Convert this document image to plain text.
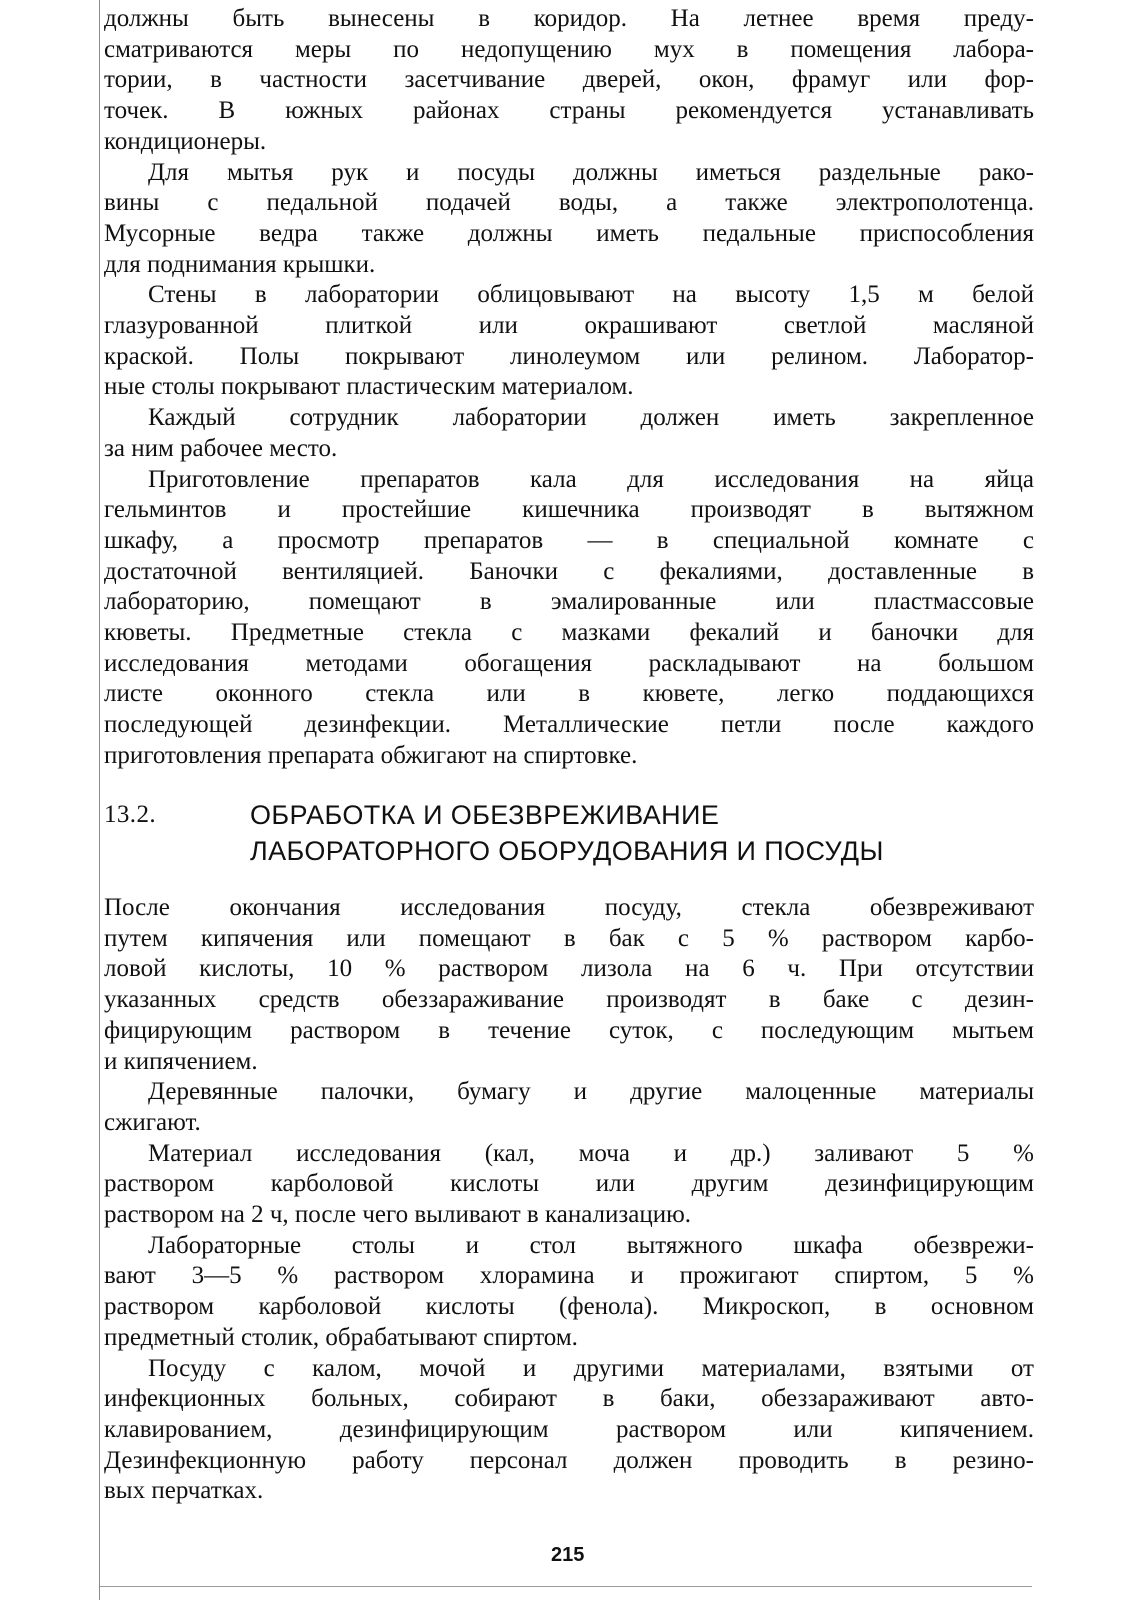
должны быть вынесены в коридор. На летнее время преду-
сматриваются меры по недопущению мух в помещения лабора-
тории, в частности засетчивание дверей, окон, фрамуг или фор-
точек. В южных районах страны рекомендуется устанавливать
кондиционеры.
Для мытья рук и посуды должны иметься раздельные рако-
вины с педальной подачей воды, а также электрополотенца.
Мусорные ведра также должны иметь педальные приспособления
для поднимания крышки.
Стены в лаборатории облицовывают на высоту 1,5 м белой
глазурованной плиткой или окрашивают светлой масляной
краской. Полы покрывают линолеумом или релином. Лаборатор-
ные столы покрывают пластическим материалом.
Каждый сотрудник лаборатории должен иметь закрепленное
за ним рабочее место.
Приготовление препаратов кала для исследования на яйца
гельминтов и простейшие кишечника производят в вытяжном
шкафу, а просмотр препаратов — в специальной комнате с
достаточной вентиляцией. Баночки с фекалиями, доставленные в
лабораторию, помещают в эмалированные или пластмассовые
кюветы. Предметные стекла с мазками фекалий и баночки для
исследования методами обогащения раскладывают на большом
листе оконного стекла или в кювете, легко поддающихся
последующей дезинфекции. Металлические петли после каждого
приготовления препарата обжигают на спиртовке.
13.2.	ОБРАБОТКА И ОБЕЗВРЕЖИВАНИЕ
ЛАБОРАТОРНОГО ОБОРУДОВАНИЯ И ПОСУДЫ
После окончания исследования посуду, стекла обезвреживают
путем кипячения или помещают в бак с 5 % раствором карбо-
ловой кислоты, 10 % раствором лизола на 6 ч. При отсутствии
указанных средств обеззараживание производят в баке с дезин-
фицирующим раствором в течение суток, с последующим мытьем
и кипячением.
Деревянные палочки, бумагу и другие малоценные материалы
сжигают.
Материал исследования (кал, моча и др.) заливают 5 %
раствором карболовой кислоты или другим дезинфицирующим
раствором на 2 ч, после чего выливают в канализацию.
Лабораторные столы и стол вытяжного шкафа обезврежи-
вают 3—5 % раствором хлорамина и прожигают спиртом, 5 %
раствором карболовой кислоты (фенола). Микроскоп, в основном
предметный столик, обрабатывают спиртом.
Посуду с калом, мочой и другими материалами, взятыми от
инфекционных больных, собирают в баки, обеззараживают авто-
клавированием, дезинфицирующим раствором или кипячением.
Дезинфекционную работу персонал должен проводить в резино-
вых перчатках.
215
